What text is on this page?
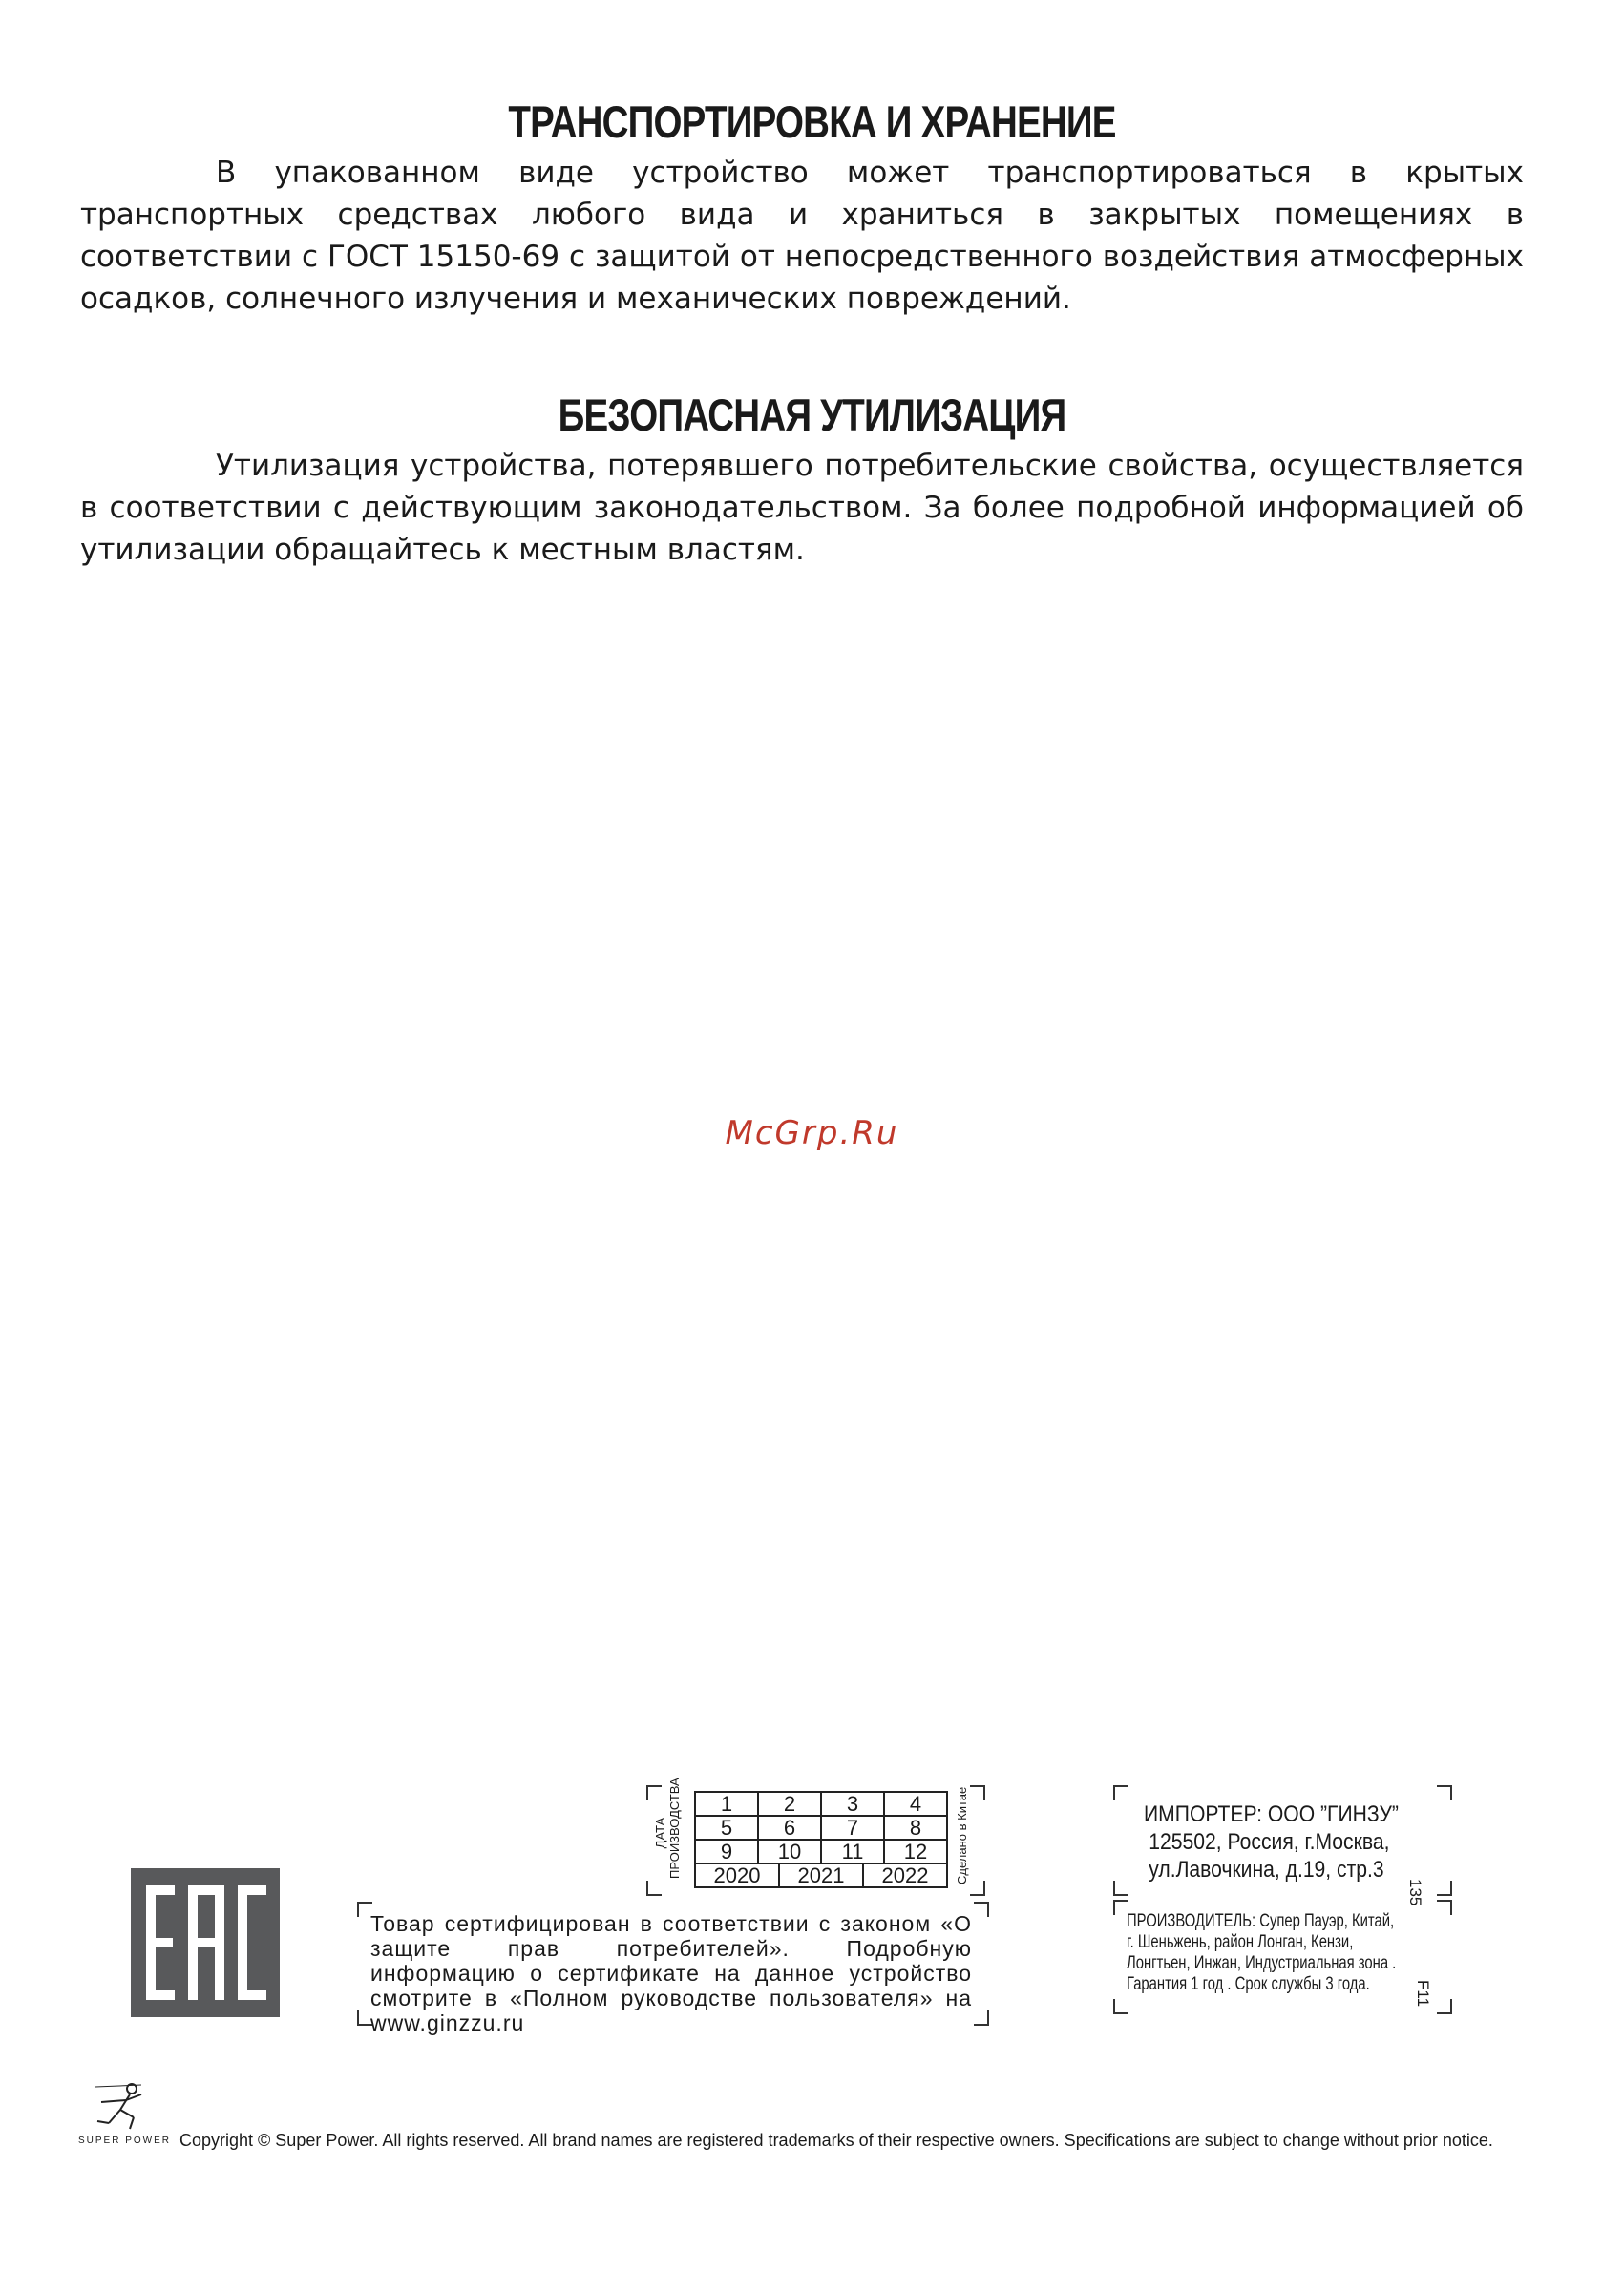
ТРАНСПОРТИРОВКА И ХРАНЕНИЕ

В упакованном виде устройство может транспортироваться в крытых транспортных средствах любого вида и храниться в закрытых помещениях в соответствии с ГОСТ 15150-69 с защитой от непосредственного воздействия атмосферных осадков, солнечного излучения и механических повреждений.

БЕЗОПАСНАЯ УТИЛИЗАЦИЯ

Утилизация устройства, потерявшего потребительские свойства, осуществляется в соответствии с действующим законодательством. За более подробной информацией об утилизации обращайтесь к местным властям.

McGrp.Ru
Товар сертифицирован в соответствии с законом «О защите прав потребителей». Подробную информацию о сертификате на данное устройство смотрите в «Полном руководстве пользователя» на www.ginzzu.ru
ДАТА ПРОИЗВОДСТВА 1	2	3	4
5	6	7	8
9	10	11	12

2020 2021 2022				Сделано в Китае	ИМПОРТЕР: ООО ”ГИНЗУ”
125502, Россия, г.Москва,
ул.Лавочкина, д.19, стр.3
135
ПРОИЗВОДИТЕЛЬ: Супер Пауэр, Китай,
г. Шеньжень, район Лонган, Кензи,
Лонгтьен, Инжан, Индустриальная зона .
Гарантия 1 год . Срок службы 3 года.	F11
SUPER POWER Copyright © Super Power. All rights reserved. All brand names are registered trademarks of their respective owners. Specifications are subject to change without prior notice.
